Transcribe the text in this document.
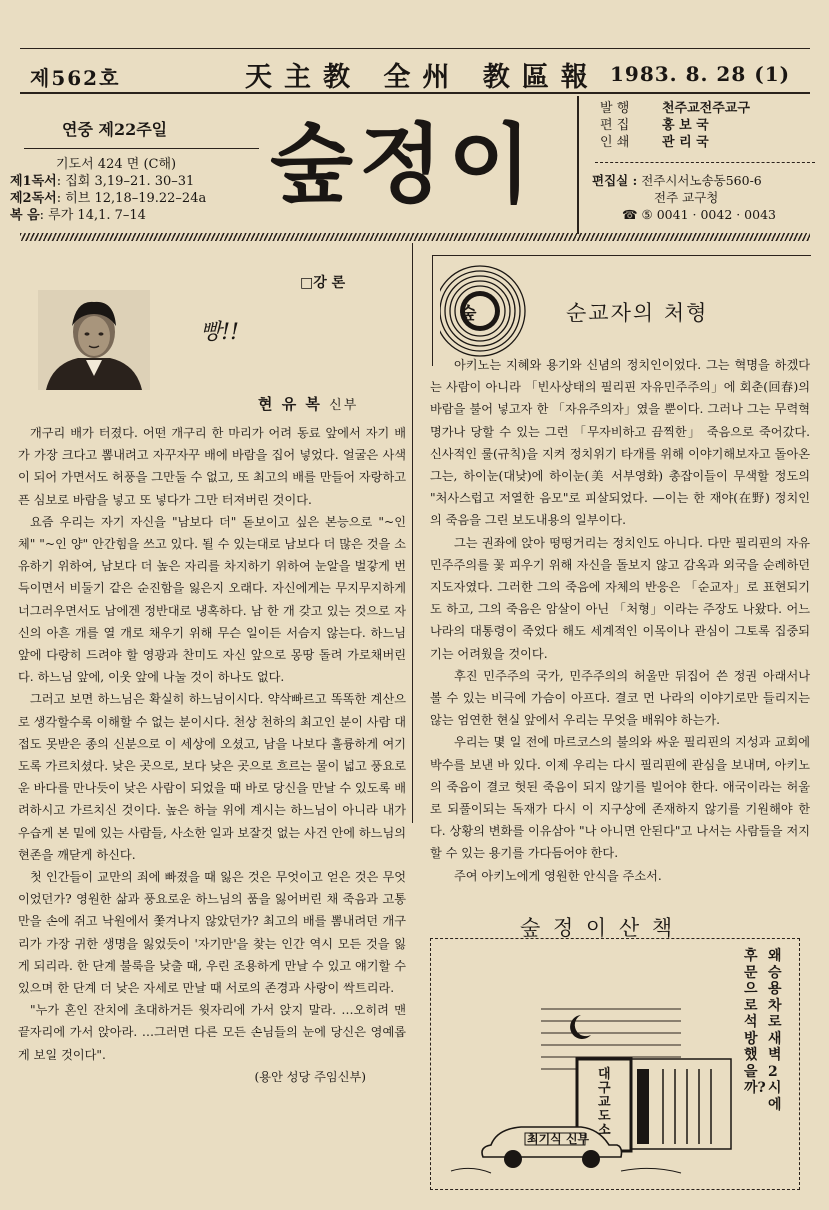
제562호	天主教 全州 教區報 1983. 8. 28 (1)
연중 제22주일
기도서 424 면 (C해)
제1독서: 집회 3,19–21. 30–31
제2독서: 히브 12,18–19.22–24a
복 음: 루가 14,1. 7–14
숲정이
발 행	천주교전주교구
편 집	홍 보 국
인 쇄	관 리 국
편집실 : 전주시서노송동560-6
전주 교구청
☎ ⑤ 0041 · 0042 · 0043
□강 론
빵!!
현 유 복 신부

개구리 배가 터졌다. 어떤 개구리 한 마리가 어려 동료 앞에서 자기 배가 가장 크다고 뽐내려고 자꾸자꾸 배에 바람을 집어 넣었다. 얼굴은 사색이 되어 가면서도 허풍을 그만둘 수 없고, 또 최고의 배를 만들어 자랑하고픈 심보로 바람을 넣고 또 넣다가 그만 터져버린 것이다.

요즘 우리는 자기 자신을 "남보다 더" 돋보이고 싶은 본능으로 "~인 체" "~인 양" 안간힘을 쓰고 있다. 될 수 있는대로 남보다 더 많은 것을 소유하기 위하여, 남보다 더 높은 자리를 차지하기 위하여 눈알을 벌갛게 번득이면서 비둘기 같은 순진함을 잃은지 오래다. 자신에게는 무지무지하게 너그러우면서도 남에겐 정반대로 냉혹하다. 남 한 개 갖고 있는 것으로 자신의 아흔 개를 열 개로 채우기 위해 무슨 일이든 서슴지 않는다. 하느님 앞에 다랑히 드려야 할 영광과 찬미도 자신 앞으로 몽땅 돌려 가로채버린다. 하느님 앞에, 이웃 앞에 나눌 것이 하나도 없다.

그러고 보면 하느님은 확실히 하느님이시다. 약삭빠르고 똑똑한 계산으로 생각할수록 이해할 수 없는 분이시다. 천상 천하의 최고인 분이 사람 대접도 못받은 종의 신분으로 이 세상에 오셨고, 남을 나보다 훌륭하게 여기도록 가르치셨다. 낮은 곳으로, 보다 낮은 곳으로 흐르는 물이 넓고 풍요로운 바다를 만나듯이 낮은 사람이 되었을 때 바로 당신을 만날 수 있도록 배려하시고 가르치신 것이다. 높은 하늘 위에 계시는 하느님이 아니라 내가 우습게 본 밑에 있는 사람들, 사소한 일과 보잘것 없는 사건 안에 하느님의 현존을 깨닫게 하신다.

첫 인간들이 교만의 죄에 빠졌을 때 잃은 것은 무엇이고 얻은 것은 무엇이었던가? 영원한 삶과 풍요로운 하느님의 품을 잃어버린 채 죽음과 고통만을 손에 쥐고 낙원에서 쫓겨나지 않았던가? 최고의 배를 뽐내려던 개구리가 가장 귀한 생명을 잃었듯이 '자기만'을 찾는 인간 역시 모든 것을 잃게 되리라. 한 단계 불룩을 낮출 때, 우린 조용하게 만날 수 있고 얘기할 수 있으며 한 단계 더 낮은 자세로 만날 때 서로의 존경과 사랑이 싹트리라.

"누가 혼인 잔치에 초대하거든 윗자리에 가서 앉지 말라. …오히려 맨 끝자리에 가서 앉아라. …그러면 다른 모든 손님들의 눈에 당신은 영예롭게 보일 것이다".

(용안 성당 주임신부)
숲	순교자의 처형

아키노는 지혜와 용기와 신념의 정치인이었다. 그는 혁명을 하겠다는 사람이 아니라 「빈사상태의 필리핀 자유민주주의」에 회춘(回春)의 바람을 불어 넣고자 한 「자유주의자」였을 뿐이다. 그러나 그는 무력혁명가나 당할 수 있는 그런 「무자비하고 끔찍한」 죽음으로 죽어갔다. 신사적인 룰(규칙)을 지켜 정치위기 타개를 위해 이야기해보자고 돌아온 그는, 하이눈(대낮)에 하이눈(美 서부영화) 총잡이들이 무색할 정도의 "처사스럽고 저열한 음모"로 피살되었다. —이는 한 재야(在野) 정치인의 죽음을 그린 보도내용의 일부이다.

그는 권좌에 앉아 떵떵거리는 정치인도 아니다. 다만 필리핀의 자유민주주의를 꽃 피우기 위해 자신을 돌보지 않고 감옥과 외국을 순례하던 지도자였다. 그러한 그의 죽음에 자체의 반응은 「순교자」로 표현되기도 하고, 그의 죽음은 암살이 아닌 「처형」이라는 주장도 나왔다. 어느 나라의 대통령이 죽었다 해도 세계적인 이목이나 관심이 그토록 집중되기는 어려웠을 것이다.

후진 민주주의 국가, 민주주의의 허울만 뒤집어 쓴 정권 아래서나 볼 수 있는 비극에 가슴이 아프다. 결코 먼 나라의 이야기로만 들리지는 않는 엄연한 현실 앞에서 우리는 무엇을 배워야 하는가.

우리는 몇 일 전에 마르코스의 불의와 싸운 필리핀의 지성과 교회에 박수를 보낸 바 있다. 이제 우리는 다시 필리핀에 관심을 보내며, 아키노의 죽음이 결코 헛된 죽음이 되지 않기를 빌어야 한다. 애국이라는 허울로 되풀이되는 독재가 다시 이 지구상에 존재하지 않기를 기원해야 한다. 상황의 변화를 이유삼아 "나 아니면 안된다"고 나서는 사람들을 저지할 수 있는 용기를 가다듬어야 한다.

주여 아키노에게 영원한 안식을 주소서.

숲 정 이 산 책
대구교도소
최기식 신부
왜 승용차로 새벽 2시에
후문으로 석방했을까?
